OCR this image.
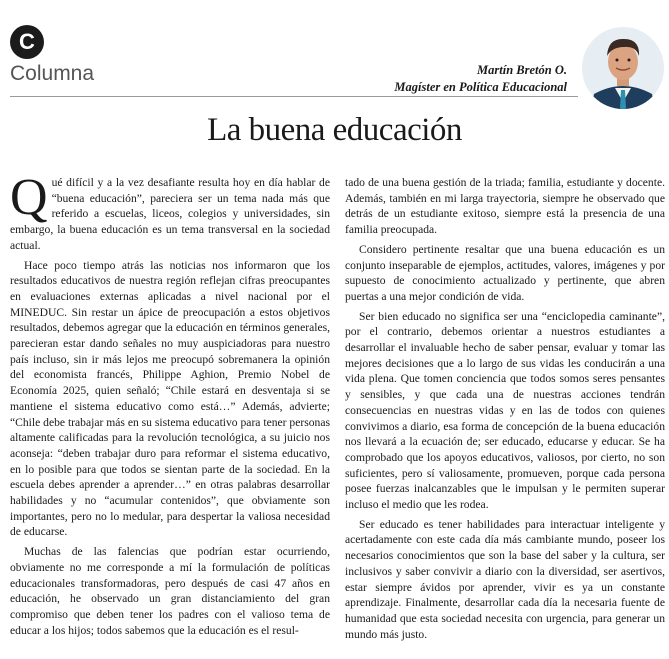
C
Columna	Martín Bretón O.
Magíster en Política Educacional
La buena educación

Qué difícil y a la vez desafiante resulta hoy en día hablar de “buena educación”, pareciera ser un tema nada más que referido a escuelas, liceos, colegios y universidades, sin embargo, la buena educación es un tema transversal en la sociedad actual.

Hace poco tiempo atrás las noticias nos informaron que los resultados educativos de nuestra región reflejan cifras preocupantes en evaluaciones externas aplicadas a nivel nacional por el MINEDUC. Sin restar un ápice de preocupación a estos objetivos resultados, debemos agregar que la educación en términos generales, parecieran estar dando señales no muy auspiciadoras para nuestro país incluso, sin ir más lejos me preocupó sobremanera la opinión del economista francés, Philippe Aghion, Premio Nobel de Economía 2025, quien señaló; “Chile estará en desventaja si se mantiene el sistema educativo como está…” Además, advierte; “Chile debe trabajar más en su sistema educativo para tener personas altamente calificadas para la revolución tecnológica, a su juicio nos aconseja: “deben trabajar duro para reformar el sistema educativo, en lo posible para que todos se sientan parte de la sociedad. En la escuela debes aprender a aprender…” en otras palabras desarrollar habilidades y no “acumular contenidos”, que obviamente son importantes, pero no lo medular, para despertar la valiosa necesidad de educarse.

Muchas de las falencias que podrían estar ocurriendo, obviamente no me corresponde a mí la formulación de políticas educacionales transformadoras, pero después de casi 47 años en educación, he observado un gran distanciamiento del gran compromiso que deben tener los padres con el valioso tema de educar a los hijos; todos sabemos que la educación es el resul-

tado de una buena gestión de la triada; familia, estudiante y docente. Además, también en mi larga trayectoria, siempre he observado que detrás de un estudiante exitoso, siempre está la presencia de una familia preocupada.

Considero pertinente resaltar que una buena educación es un conjunto inseparable de ejemplos, actitudes, valores, imágenes y por supuesto de conocimiento actualizado y pertinente, que abren puertas a una mejor condición de vida.

Ser bien educado no significa ser una “enciclopedia caminante”, por el contrario, debemos orientar a nuestros estudiantes a desarrollar el invaluable hecho de saber pensar, evaluar y tomar las mejores decisiones que a lo largo de sus vidas les conducirán a una vida plena. Que tomen conciencia que todos somos seres pensantes y sensibles, y que cada una de nuestras acciones tendrán consecuencias en nuestras vidas y en las de todos con quienes convivimos a diario, esa forma de concepción de la buena educación nos llevará a la ecuación de; ser educado, educarse y educar. Se ha comprobado que los apoyos educativos, valiosos, por cierto, no son suficientes, pero sí valiosamente, promueven, porque cada persona posee fuerzas inalcanzables que le impulsan y le permiten superar incluso el medio que les rodea.

Ser educado es tener habilidades para interactuar inteligente y acertadamente con este cada día más cambiante mundo, poseer los necesarios conocimientos que son la base del saber y la cultura, ser inclusivos y saber convivir a diario con la diversidad, ser asertivos, estar siempre ávidos por aprender, vivir es ya un constante aprendizaje. Finalmente, desarrollar cada día la necesaria fuente de humanidad que esta sociedad necesita con urgencia, para generar un mundo más justo.
